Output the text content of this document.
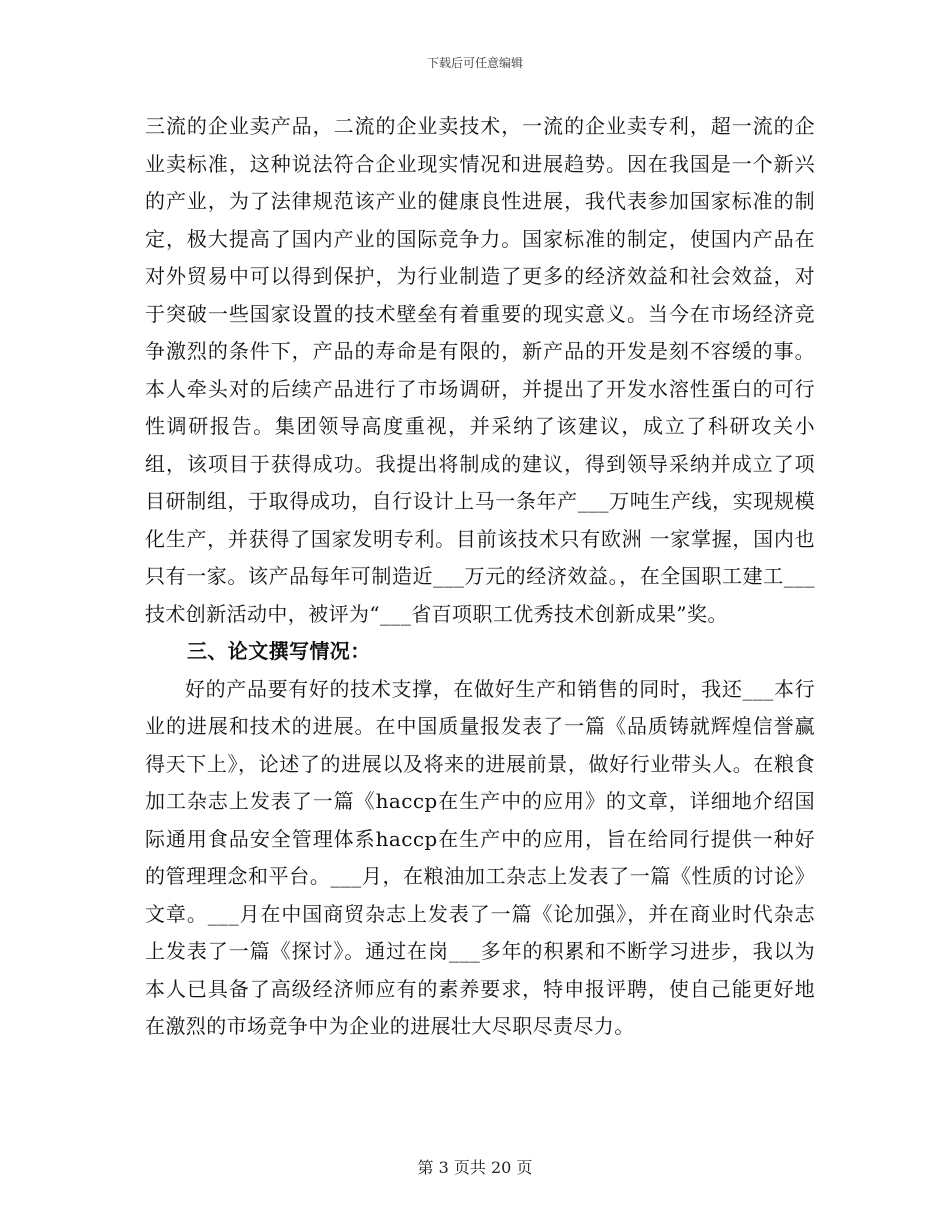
下载后可任意编辑

三流的企业卖产品，二流的企业卖技术，一流的企业卖专利，超一流的企业卖标准，这种说法符合企业现实情况和进展趋势。因在我国是一个新兴的产业，为了法律规范该产业的健康良性进展，我代表参加国家标准的制定，极大提高了国内产业的国际竞争力。国家标准的制定，使国内产品在对外贸易中可以得到保护，为行业制造了更多的经济效益和社会效益，对于突破一些国家设置的技术壁垒有着重要的现实意义。当今在市场经济竞争激烈的条件下，产品的寿命是有限的，新产品的开发是刻不容缓的事。本人牵头对的后续产品进行了市场调研，并提出了开发水溶性蛋白的可行性调研报告。集团领导高度重视，并采纳了该建议，成立了科研攻关小组，该项目于获得成功。我提出将制成的建议，得到领导采纳并成立了项目研制组，于取得成功，自行设计上马一条年产___万吨生产线，实现规模化生产，并获得了国家发明专利。目前该技术只有欧洲 一家掌握，国内也只有一家。该产品每年可制造近___万元的经济效益。，在全国职工建工___技术创新活动中，被评为“___省百项职工优秀技术创新成果”奖。

三、论文撰写情况：

好的产品要有好的技术支撑，在做好生产和销售的同时，我还___本行业的进展和技术的进展。在中国质量报发表了一篇《品质铸就辉煌信誉赢得天下上》，论述了的进展以及将来的进展前景，做好行业带头人。在粮食加工杂志上发表了一篇《haccp在生产中的应用》的文章，详细地介绍国际通用食品安全管理体系haccp在生产中的应用，旨在给同行提供一种好的管理理念和平台。___月，在粮油加工杂志上发表了一篇《性质的讨论》文章。___月在中国商贸杂志上发表了一篇《论加强》，并在商业时代杂志上发表了一篇《探讨》。通过在岗___多年的积累和不断学习进步，我以为本人已具备了高级经济师应有的素养要求，特申报评聘，使自己能更好地在激烈的市场竞争中为企业的进展壮大尽职尽责尽力。

第 3 页共 20 页
